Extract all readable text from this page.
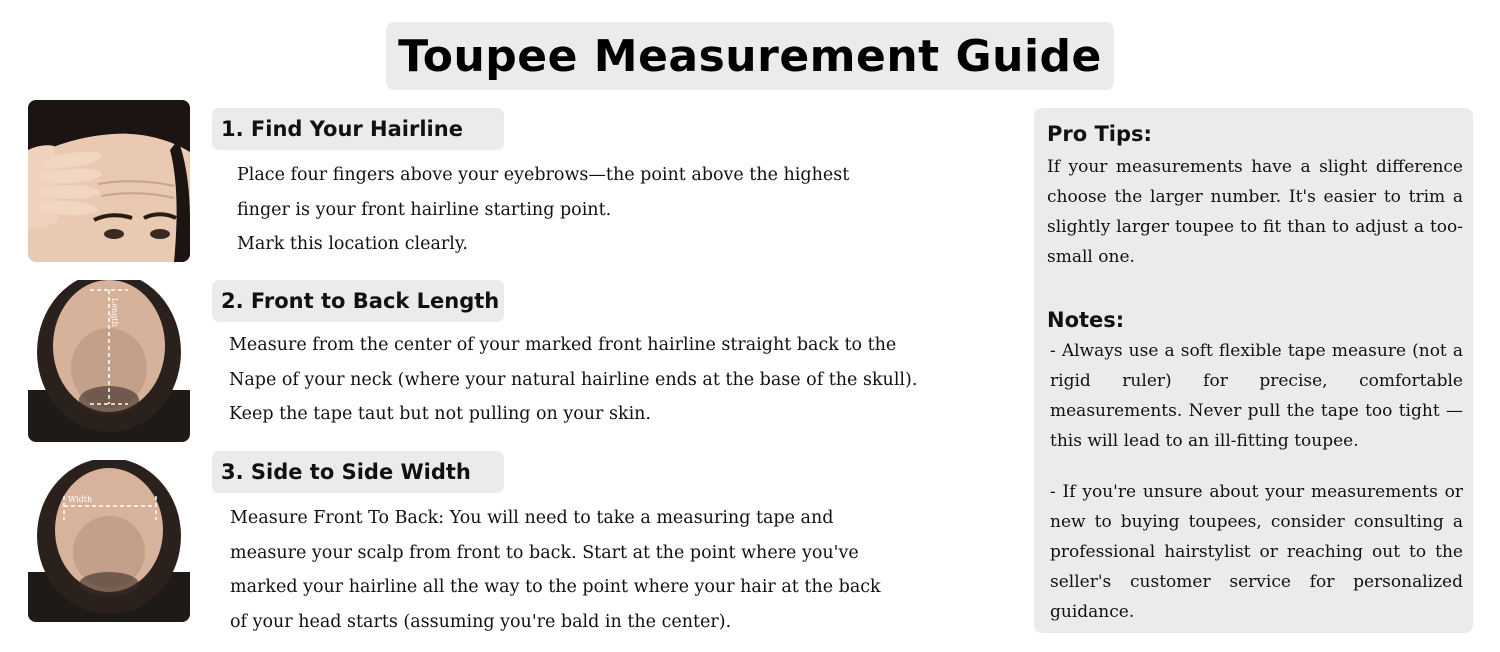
Toupee Measurement Guide
1. Find Your Hairline

Place four fingers above your eyebrows—the point above the highest

finger is your front hairline starting point.

Mark this location clearly.

Length	2. Front to Back Length

Measure from the center of your marked front hairline straight back to the

Nape of your neck (where your natural hairline ends at the base of the skull).

Keep the tape taut but not pulling on your skin.

Width
3. Side to Side Width

Measure Front To Back: You will need to take a measuring tape and

measure your scalp from front to back. Start at the point where you've

marked your hairline all the way to the point where your hair at the back

of your head starts (assuming you're bald in the center).

Pro Tips:

If your measurements have a slight difference choose the larger number. It's easier to trim a slightly larger toupee to fit than to adjust a too-small one.

Notes:

- Always use a soft flexible tape measure (not a rigid ruler) for precise, comfortable measurements. Never pull the tape too tight —this will lead to an ill-fitting toupee.

- If you're unsure about your measurements or new to buying toupees, consider consulting a professional hairstylist or reaching out to the seller's customer service for personalized guidance.
